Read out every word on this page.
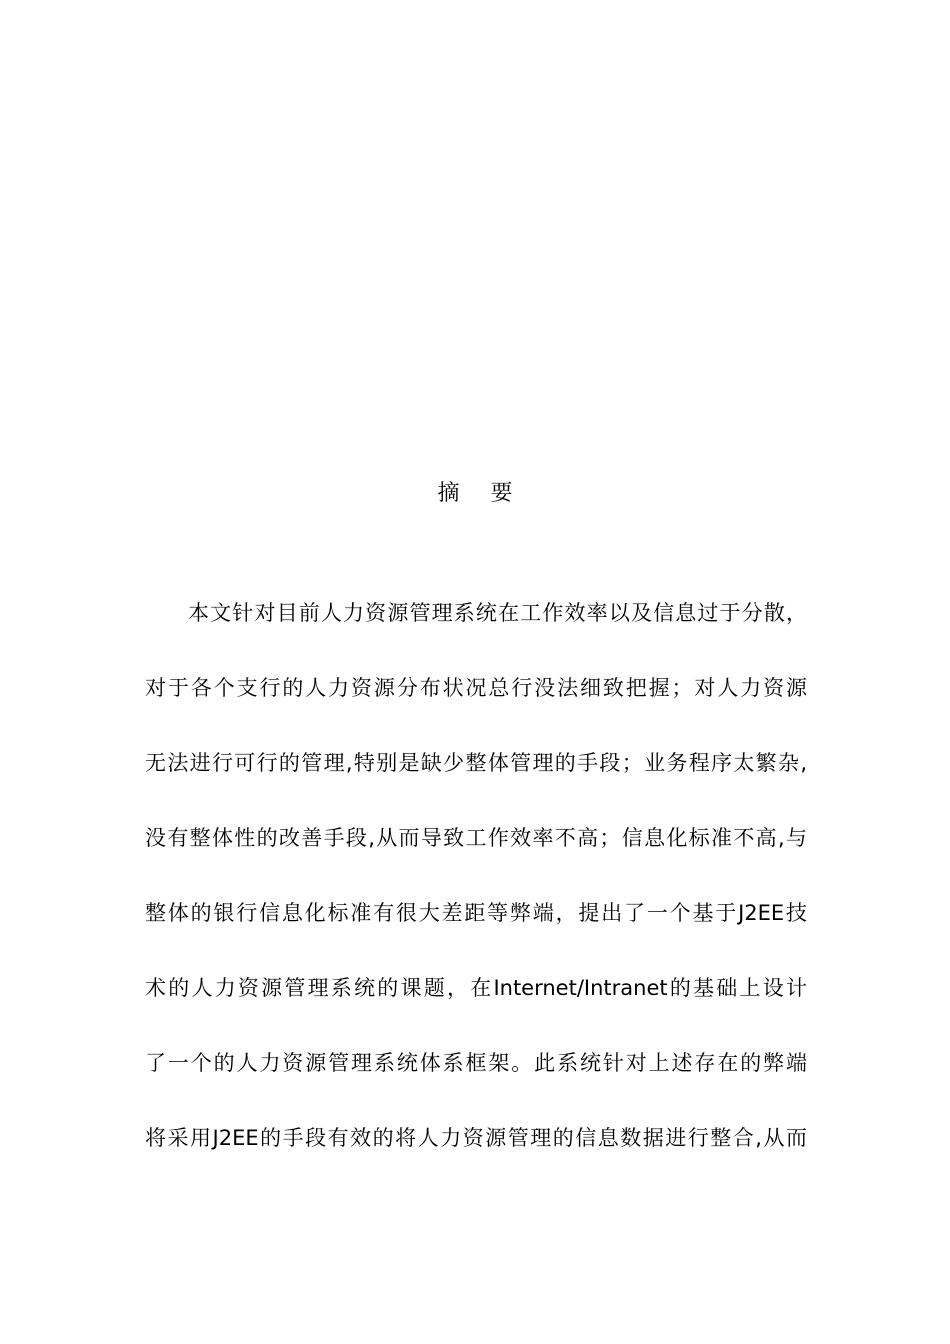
摘 要
本文针对目前人力资源管理系统在工作效率以及信息过于分散，
对于各个支行的人力资源分布状况总行没法细致把握；对人力资源
无法进行可行的管理,特别是缺少整体管理的手段；业务程序太繁杂,
没有整体性的改善手段,从而导致工作效率不高；信息化标准不高,与
整体的银行信息化标准有很大差距等弊端，提出了一个基于J2EE技
术的人力资源管理系统的课题，在Internet/Intranet的基础上设计
了一个的人力资源管理系统体系框架。此系统针对上述存在的弊端
将采用J2EE的手段有效的将人力资源管理的信息数据进行整合,从而
